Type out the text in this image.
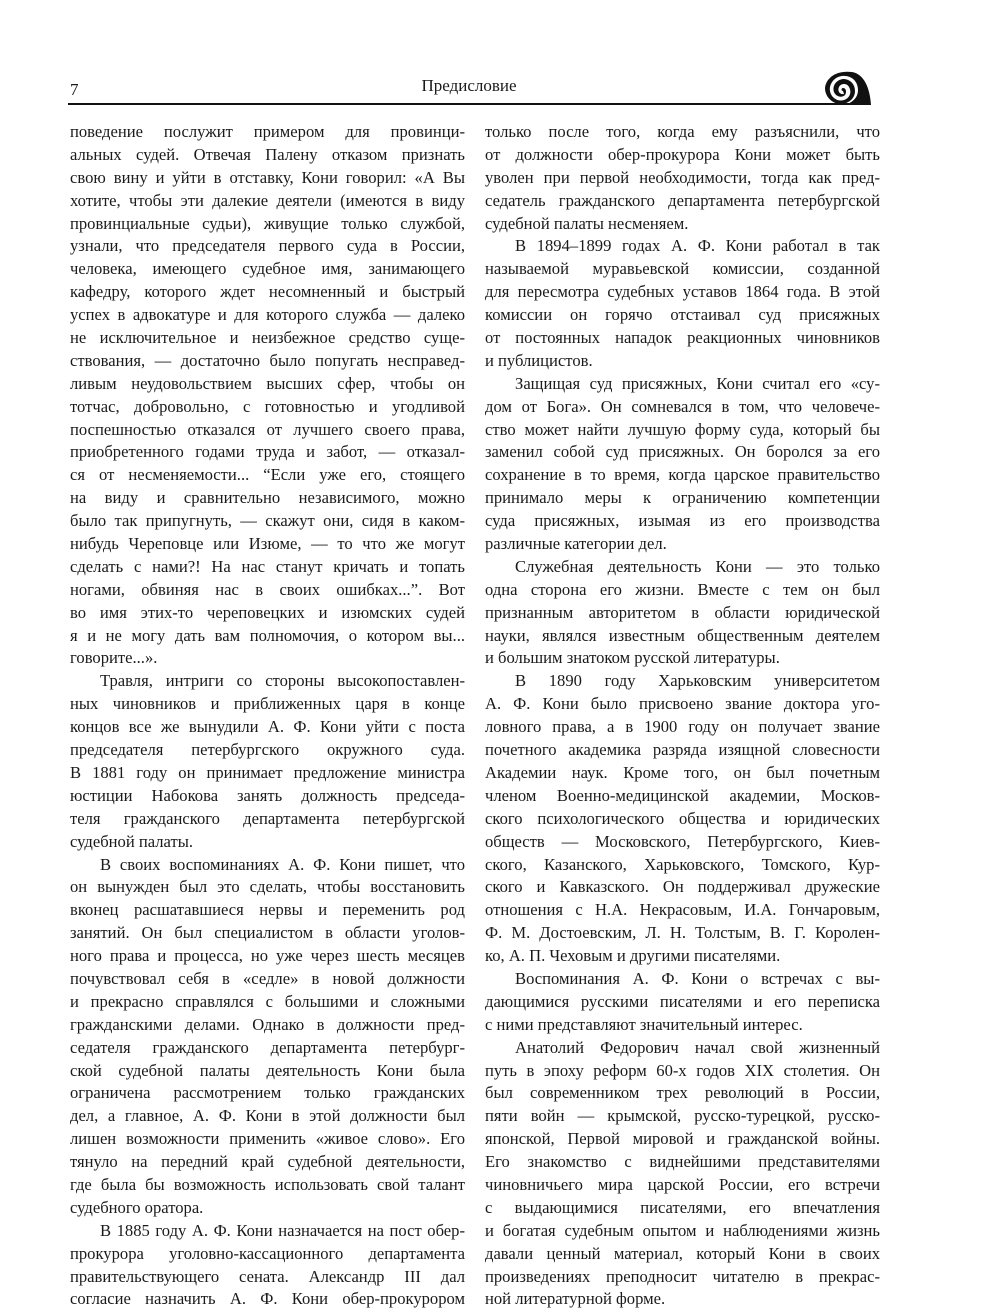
7	Предисловие
поведение послужит примером для провинци-
альных судей. Отвечая Палену отказом признать
свою вину и уйти в отставку, Кони говорил: «А Вы
хотите, чтобы эти далекие деятели (имеются в виду
провинциальные судьи), живущие только службой,
узнали, что председателя первого суда в России,
человека, имеющего судебное имя, занимающего
кафедру, которого ждет несомненный и быстрый
успех в адвокатуре и для которого служба — далеко
не исключительное и неизбежное средство суще-
ствования, — достаточно было попугать несправед-
ливым неудовольствием высших сфер, чтобы он
тотчас, добровольно, с готовностью и угодливой
поспешностью отказался от лучшего своего права,
приобретенного годами труда и забот, — отказал-
ся от несменяемости... “Если уже его, стоящего
на виду и сравнительно независимого, можно
было так припугнуть, — скажут они, сидя в каком-
нибудь Череповце или Изюме, — то что же могут
сделать с нами?! На нас станут кричать и топать
ногами, обвиняя нас в своих ошибках...”. Вот
во имя этих-то череповецких и изюмских судей
я и не могу дать вам полномочия, о котором вы...
говорите...».
Травля, интриги со стороны высокопоставлен-
ных чиновников и приближенных царя в конце
концов все же вынудили А. Ф. Кони уйти с поста
председателя петербургского окружного суда.
В 1881 году он принимает предложение министра
юстиции Набокова занять должность председа-
теля гражданского департамента петербургской
судебной палаты.
В своих воспоминаниях А. Ф. Кони пишет, что
он вынужден был это сделать, чтобы восстановить
вконец расшатавшиеся нервы и переменить род
занятий. Он был специалистом в области уголов-
ного права и процесса, но уже через шесть месяцев
почувствовал себя в «седле» в новой должности
и прекрасно справлялся с большими и сложными
гражданскими делами. Однако в должности пред-
седателя гражданского департамента петербург-
ской судебной палаты деятельность Кони была
ограничена рассмотрением только гражданских
дел, а главное, А. Ф. Кони в этой должности был
лишен возможности применить «живое слово». Его
тянуло на передний край судебной деятельности,
где была бы возможность использовать свой талант
судебного оратора.
В 1885 году А. Ф. Кони назначается на пост обер-
прокурора уголовно-кассационного департамента
правительствующего сената. Александр III дал
согласие назначить А. Ф. Кони обер-прокурором
только после того, когда ему разъяснили, что
от должности обер-прокурора Кони может быть
уволен при первой необходимости, тогда как пред-
седатель гражданского департамента петербургской
судебной палаты несменяем.
В 1894–1899 годах А. Ф. Кони работал в так
называемой муравьевской комиссии, созданной
для пересмотра судебных уставов 1864 года. В этой
комиссии он горячо отстаивал суд присяжных
от постоянных нападок реакционных чиновников
и публицистов.
Защищая суд присяжных, Кони считал его «су-
дом от Бога». Он сомневался в том, что человече-
ство может найти лучшую форму суда, который бы
заменил собой суд присяжных. Он боролся за его
сохранение в то время, когда царское правительство
принимало меры к ограничению компетенции
суда присяжных, изымая из его производства
различные категории дел.
Служебная деятельность Кони — это только
одна сторона его жизни. Вместе с тем он был
признанным авторитетом в области юридической
науки, являлся известным общественным деятелем
и большим знатоком русской литературы.
В 1890 году Харьковским университетом
А. Ф. Кони было присвоено звание доктора уго-
ловного права, а в 1900 году он получает звание
почетного академика разряда изящной словесности
Академии наук. Кроме того, он был почетным
членом Военно-медицинской академии, Москов-
ского психологического общества и юридических
обществ — Московского, Петербургского, Киев-
ского, Казанского, Харьковского, Томского, Кур-
ского и Кавказского. Он поддерживал дружеские
отношения с Н.А. Некрасовым, И.А. Гончаровым,
Ф. М. Достоевским, Л. Н. Толстым, В. Г. Королен-
ко, А. П. Чеховым и другими писателями.
Воспоминания А. Ф. Кони о встречах с вы-
дающимися русскими писателями и его переписка
с ними представляют значительный интерес.
Анатолий Федорович начал свой жизненный
путь в эпоху реформ 60-х годов XIX столетия. Он
был современником трех революций в России,
пяти войн — крымской, русско-турецкой, русско-
японской, Первой мировой и гражданской войны.
Его знакомство с виднейшими представителями
чиновничьего мира царской России, его встречи
с выдающимися писателями, его впечатления
и богатая судебным опытом и наблюдениями жизнь
давали ценный материал, который Кони в своих
произведениях преподносит читателю в прекрас-
ной литературной форме.
